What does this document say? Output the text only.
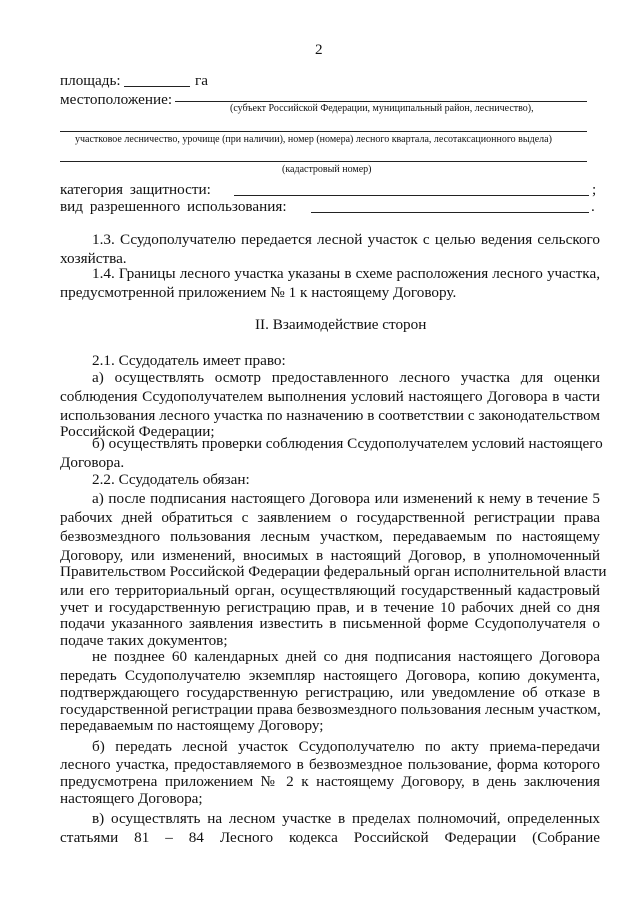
2
площадь:	га
местоположение:
(субъект Российской Федерации, муниципальный район, лесничество),
участковое лесничество, урочище (при наличии), номер (номера) лесного квартала, лесотаксационного выдела)
(кадастровый номер)
категория защитности:	;
вид разрешенного использования:	.
1.3. Ссудополучателю передается лесной участок с целью ведения сельского
хозяйства.
1.4. Границы лесного участка указаны в схеме расположения лесного участка,
предусмотренной приложением № 1 к настоящему Договору.
II. Взаимодействие сторон
2.1. Ссудодатель имеет право:
а) осуществлять осмотр предоставленного лесного участка для оценки
соблюдения Ссудополучателем выполнения условий настоящего Договора в части
использования лесного участка по назначению в соответствии с законодательством
Российской Федерации;
б) осуществлять проверки соблюдения Ссудополучателем условий настоящего
Договора.
2.2. Ссудодатель обязан:
а) после подписания настоящего Договора или изменений к нему в течение 5
рабочих дней обратиться с заявлением о государственной регистрации права
безвозмездного пользования лесным участком, передаваемым по настоящему
Договору, или изменений, вносимых в настоящий Договор, в уполномоченный
Правительством Российской Федерации федеральный орган исполнительной власти
или его территориальный орган, осуществляющий государственный кадастровый
учет и государственную регистрацию прав, и в течение 10 рабочих дней со дня
подачи указанного заявления известить в письменной форме Ссудополучателя о
подаче таких документов;
не позднее 60 календарных дней со дня подписания настоящего Договора
передать Ссудополучателю экземпляр настоящего Договора, копию документа,
подтверждающего государственную регистрацию, или уведомление об отказе в
государственной регистрации права безвозмездного пользования лесным участком,
передаваемым по настоящему Договору;
б) передать лесной участок Ссудополучателю по акту приема-передачи
лесного участка, предоставляемого в безвозмездное пользование, форма которого
предусмотрена приложением № 2 к настоящему Договору, в день заключения
настоящего Договора;
в) осуществлять на лесном участке в пределах полномочий, определенных
статьями 81 – 84 Лесного кодекса Российской Федерации (Собрание
